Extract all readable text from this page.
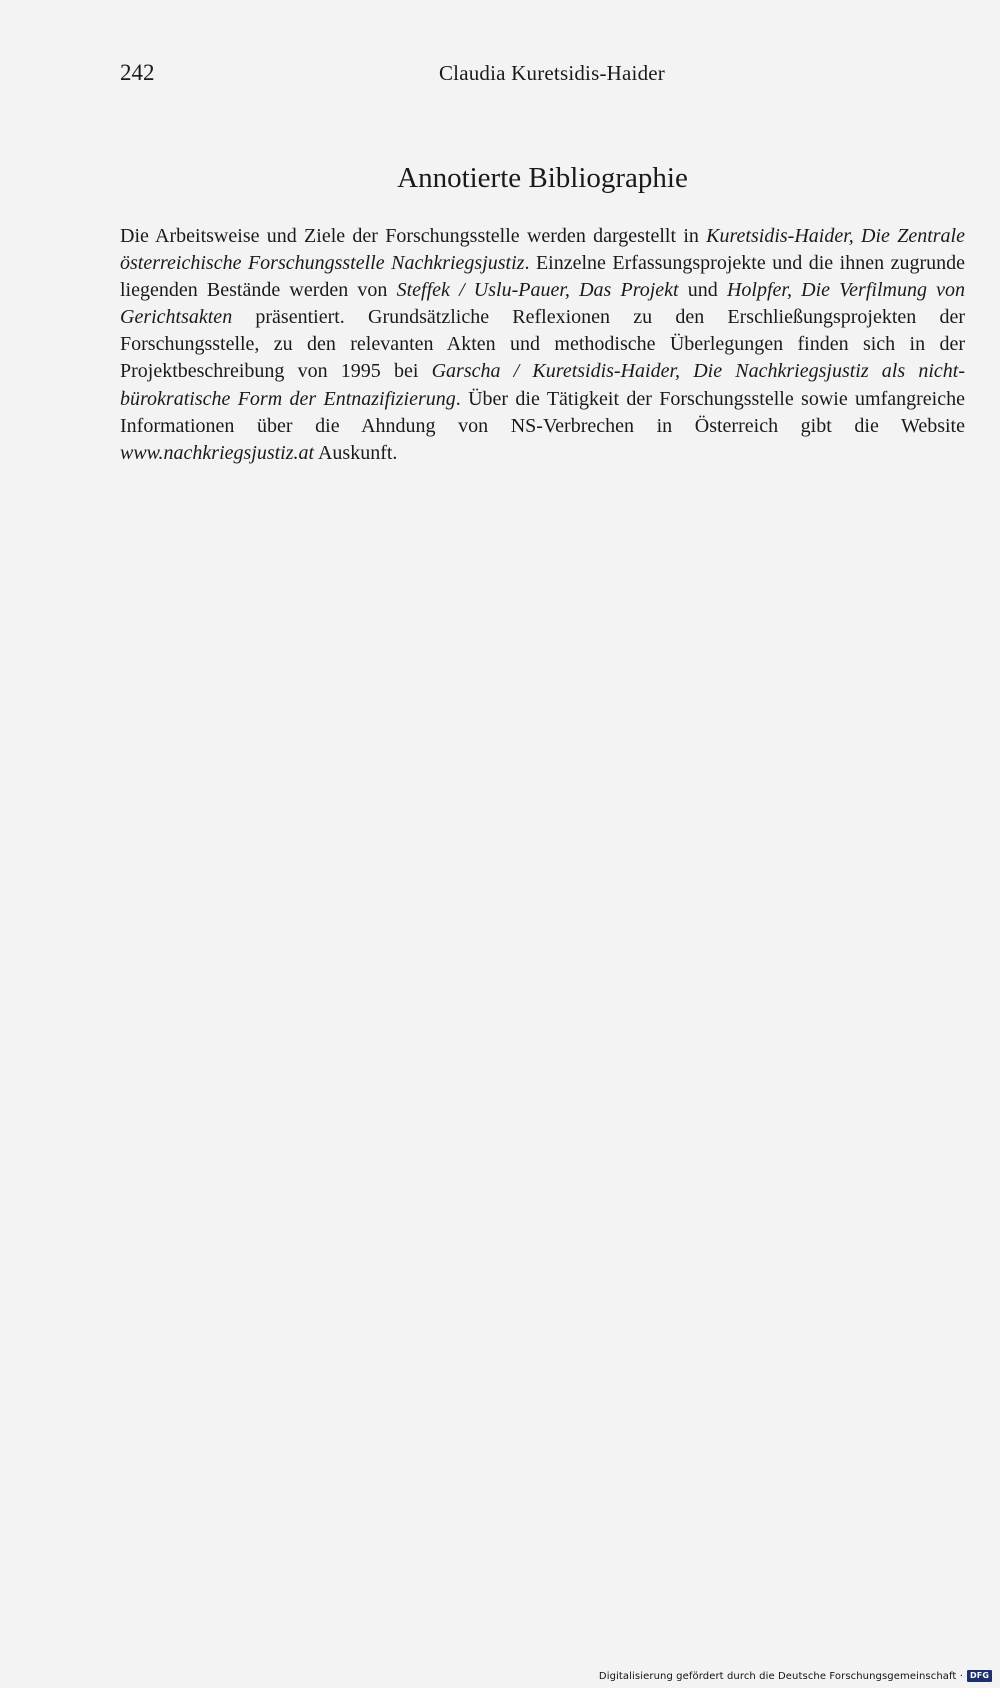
242	Claudia Kuretsidis-Haider
Annotierte Bibliographie

Die Arbeitsweise und Ziele der Forschungsstelle werden dargestellt in Kuretsidis-Haider, Die Zentrale österreichische Forschungsstelle Nachkriegsjustiz. Einzelne Erfassungsprojekte und die ihnen zugrunde liegenden Bestände werden von Steffek / Uslu-Pauer, Das Projekt und Holpfer, Die Verfilmung von Gerichtsakten präsentiert. Grundsätzliche Reflexionen zu den Erschließungsprojekten der Forschungsstelle, zu den relevanten Akten und methodische Überlegungen finden sich in der Projektbeschreibung von 1995 bei Garscha / Kuretsidis-Haider, Die Nachkriegsjustiz als nicht-bürokratische Form der Entnazifizierung. Über die Tätigkeit der Forschungsstelle sowie umfangreiche Informationen über die Ahndung von NS-Verbrechen in Österreich gibt die Website www.nachkriegsjustiz.at Auskunft.

Digitalisierung gefördert durch die Deutsche Forschungsgemeinschaft · DFG
